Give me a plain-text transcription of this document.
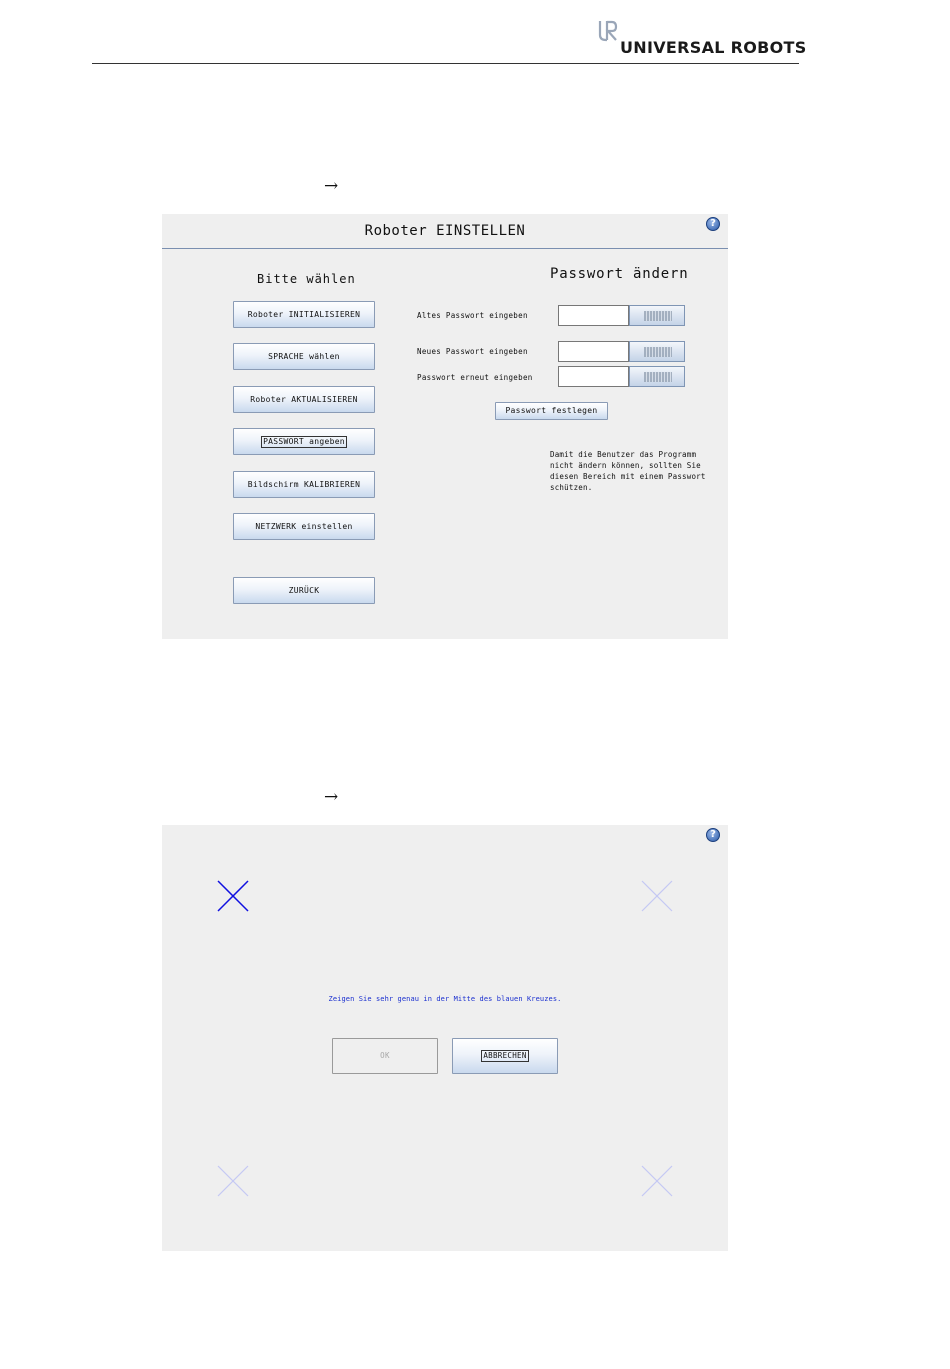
UNIVERSAL ROBOTS
→
Roboter EINSTELLEN	?
Bitte wählen
Roboter INITIALISIEREN
SPRACHE wählen
Roboter AKTUALISIEREN
PASSWORT angeben
Bildschirm KALIBRIEREN
NETZWERK einstellen
ZURÜCK
Passwort ändern
Altes Passwort eingeben
Neues Passwort eingeben
Passwort erneut eingeben
Passwort festlegen
Damit die Benutzer das Programm
nicht ändern können, sollten Sie
diesen Bereich mit einem Passwort
schützen.
→
?
Zeigen Sie sehr genau in der Mitte des blauen Kreuzes.
OK	ABBRECHEN
